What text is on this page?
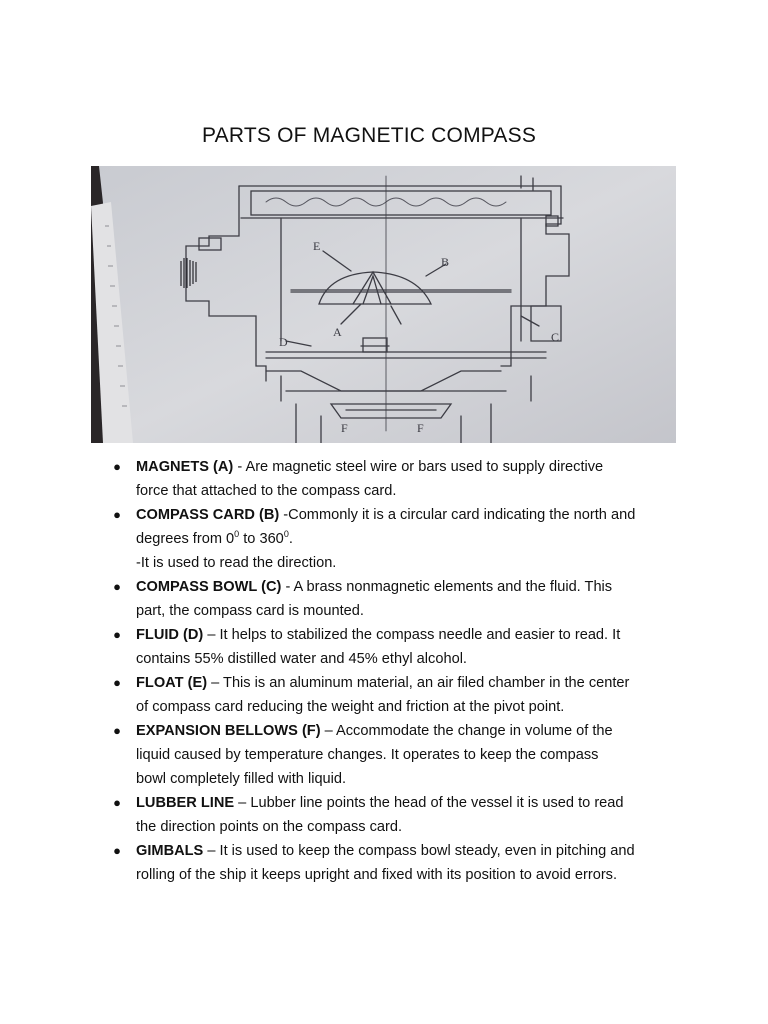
PARTS OF MAGNETIC COMPASS
E
B
A
D	C
F	F
● MAGNETS (A) - Are magnetic steel wire or bars used to supply directive
force that attached to the compass card.
● COMPASS CARD (B) -Commonly it is a circular card indicating the north and
degrees from $0^0$ to $360^0$.
-It is used to read the direction.
● COMPASS BOWL (C) - A brass nonmagnetic elements and the fluid. This
part, the compass card is mounted.
● FLUID (D) – It helps to stabilized the compass needle and easier to read. It
contains 55% distilled water and 45% ethyl alcohol.
● FLOAT (E) – This is an aluminum material, an air filed chamber in the center
of compass card reducing the weight and friction at the pivot point.
● EXPANSION BELLOWS (F) – Accommodate the change in volume of the
liquid caused by temperature changes. It operates to keep the compass
bowl completely filled with liquid.
● LUBBER LINE – Lubber line points the head of the vessel it is used to read
the direction points on the compass card.
● GIMBALS – It is used to keep the compass bowl steady, even in pitching and
rolling of the ship it keeps upright and fixed with its position to avoid errors.
